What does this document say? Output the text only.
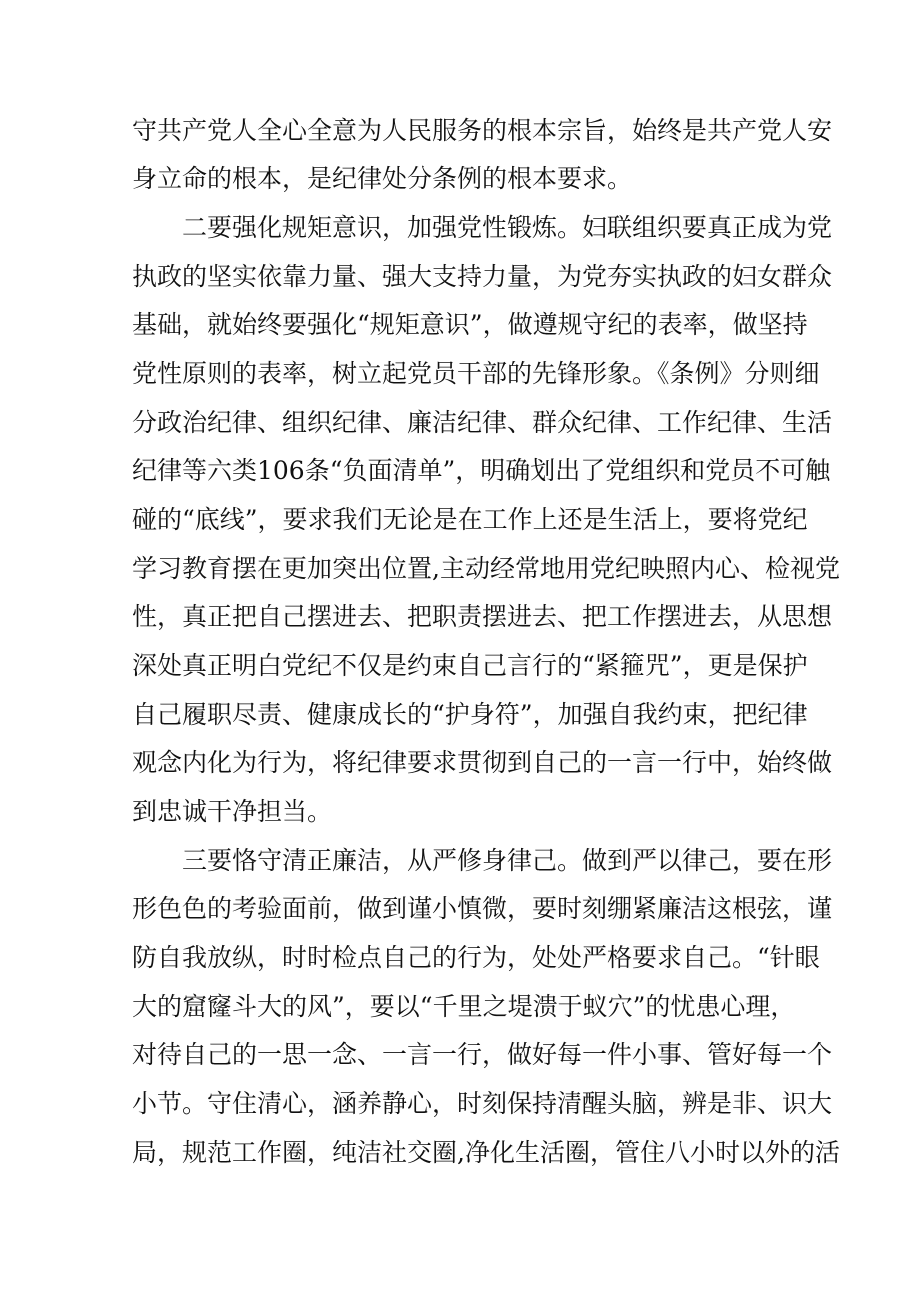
守共产党人全心全意为人民服务的根本宗旨，始终是共产党人安
身立命的根本，是纪律处分条例的根本要求。
二要强化规矩意识，加强党性锻炼。妇联组织要真正成为党
执政的坚实依靠力量、强大支持力量，为党夯实执政的妇女群众
基础，就始终要强化“规矩意识”，做遵规守纪的表率，做坚持
党性原则的表率，树立起党员干部的先锋形象。《条例》分则细
分政治纪律、组织纪律、廉洁纪律、群众纪律、工作纪律、生活
纪律等六类106条“负面清单”，明确划出了党组织和党员不可触
碰的“底线”，要求我们无论是在工作上还是生活上，要将党纪
学习教育摆在更加突出位置,主动经常地用党纪映照内心、检视党
性，真正把自己摆进去、把职责摆进去、把工作摆进去，从思想
深处真正明白党纪不仅是约束自己言行的“紧箍咒”，更是保护
自己履职尽责、健康成长的“护身符”，加强自我约束，把纪律
观念内化为行为，将纪律要求贯彻到自己的一言一行中，始终做
到忠诚干净担当。
三要恪守清正廉洁，从严修身律己。做到严以律己，要在形
形色色的考验面前，做到谨小慎微，要时刻绷紧廉洁这根弦，谨
防自我放纵，时时检点自己的行为，处处严格要求自己。“针眼
大的窟窿斗大的风”，要以“千里之堤溃于蚁穴”的忧患心理，
对待自己的一思一念、一言一行，做好每一件小事、管好每一个
小节。守住清心，涵养静心，时刻保持清醒头脑，辨是非、识大
局，规范工作圈，纯洁社交圈,净化生活圈，管住八小时以外的活
